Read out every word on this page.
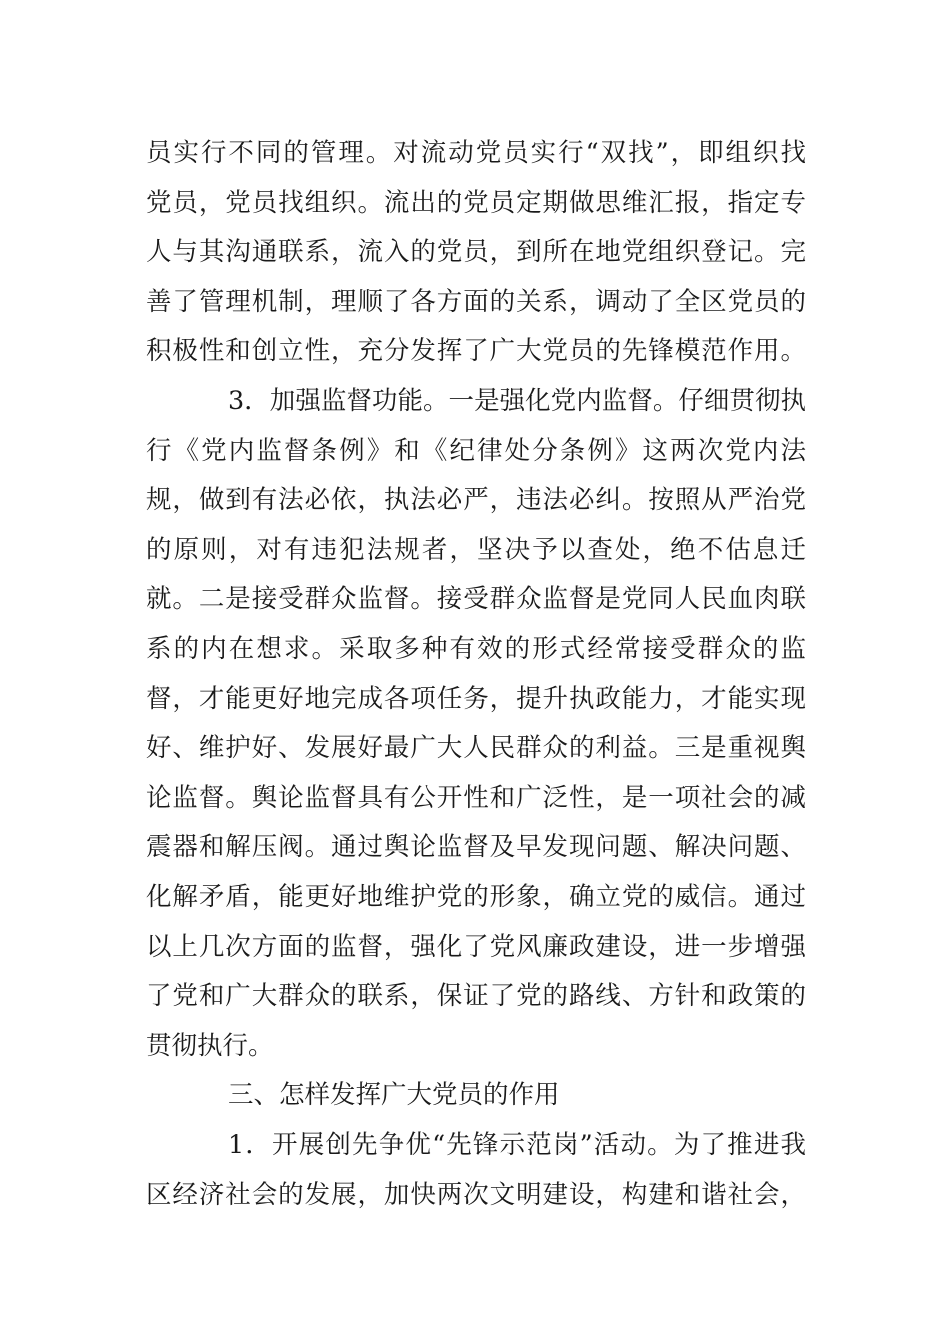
员实行不同的管理。对流动党员实行“双找”，即组织找
党员，党员找组织。流出的党员定期做思维汇报，指定专
人与其沟通联系，流入的党员，到所在地党组织登记。完
善了管理机制，理顺了各方面的关系，调动了全区党员的
积极性和创立性，充分发挥了广大党员的先锋模范作用。
3．加强监督功能。一是强化党内监督。仔细贯彻执
行《党内监督条例》和《纪律处分条例》这两次党内法
规，做到有法必依，执法必严，违法必纠。按照从严治党
的原则，对有违犯法规者，坚决予以查处，绝不估息迁
就。二是接受群众监督。接受群众监督是党同人民血肉联
系的内在想求。采取多种有效的形式经常接受群众的监
督，才能更好地完成各项任务，提升执政能力，才能实现
好、维护好、发展好最广大人民群众的利益。三是重视舆
论监督。舆论监督具有公开性和广泛性，是一项社会的减
震器和解压阀。通过舆论监督及早发现问题、解决问题、
化解矛盾，能更好地维护党的形象，确立党的威信。通过
以上几次方面的监督，强化了党风廉政建设，进一步增强
了党和广大群众的联系，保证了党的路线、方针和政策的
贯彻执行。
三、怎样发挥广大党员的作用
1．开展创先争优“先锋示范岗”活动。为了推进我
区经济社会的发展，加快两次文明建设，构建和谐社会，
